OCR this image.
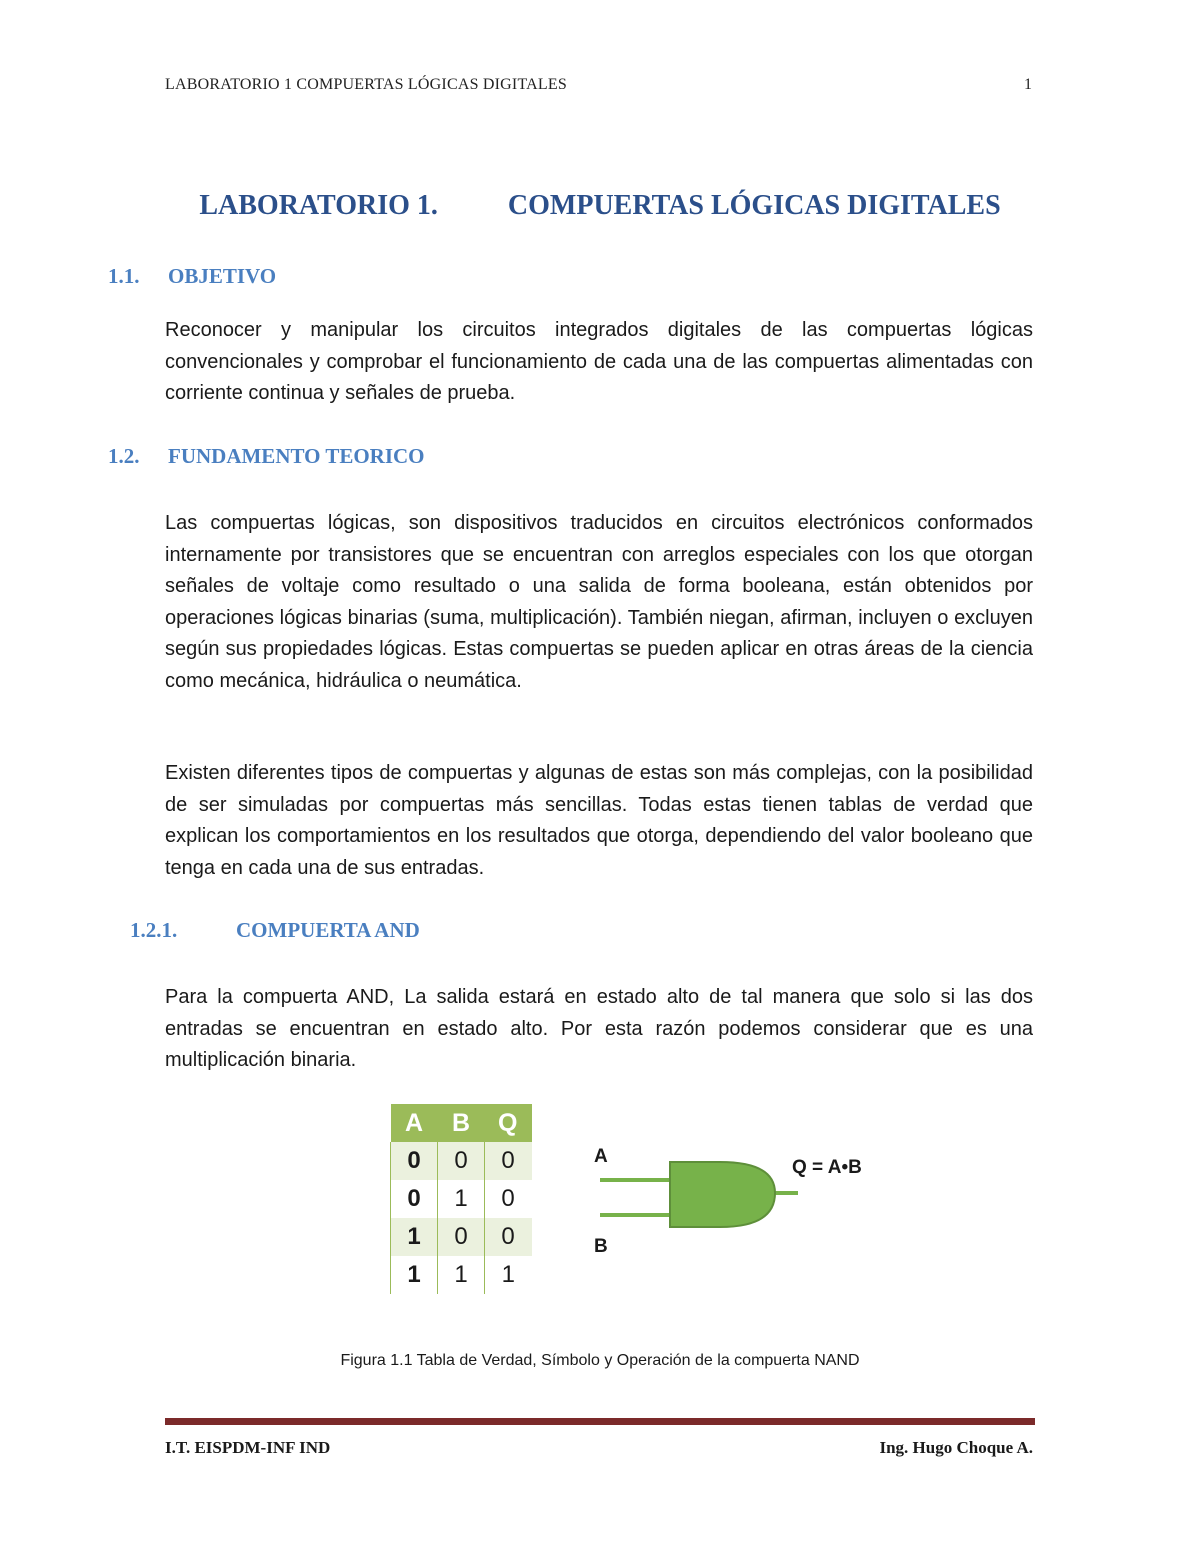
LABORATORIO 1 COMPUERTAS LÓGICAS DIGITALES	1
LABORATORIO 1.	COMPUERTAS LÓGICAS DIGITALES
1.1. OBJETIVO

Reconocer y manipular los circuitos integrados digitales de las compuertas lógicas convencionales y comprobar el funcionamiento de cada una de las compuertas alimentadas con corriente continua y señales de prueba.

1.2. FUNDAMENTO TEORICO

Las compuertas lógicas, son dispositivos traducidos en circuitos electrónicos conformados internamente por transistores que se encuentran con arreglos especiales con los que otorgan señales de voltaje como resultado o una salida de forma booleana, están obtenidos por operaciones lógicas binarias (suma, multiplicación). También niegan, afirman, incluyen o excluyen según sus propiedades lógicas. Estas compuertas se pueden aplicar en otras áreas de la ciencia como mecánica, hidráulica o neumática.

Existen diferentes tipos de compuertas y algunas de estas son más complejas, con la posibilidad de ser simuladas por compuertas más sencillas. Todas estas tienen tablas de verdad que explican los comportamientos en los resultados que otorga, dependiendo del valor booleano que tenga en cada una de sus entradas.

1.2.1.	COMPUERTA AND

Para la compuerta AND, La salida estará en estado alto de tal manera que solo si las dos entradas se encuentran en estado alto. Por esta razón podemos considerar que es una multiplicación binaria.

A	B	Q
0	0	0
0	1	0
1	0	0
1	1	1
A
B
Q = A•B
Figura 1.1 Tabla de Verdad, Símbolo y Operación de la compuerta NAND
I.T. EISPDM-INF IND	Ing. Hugo Choque A.
